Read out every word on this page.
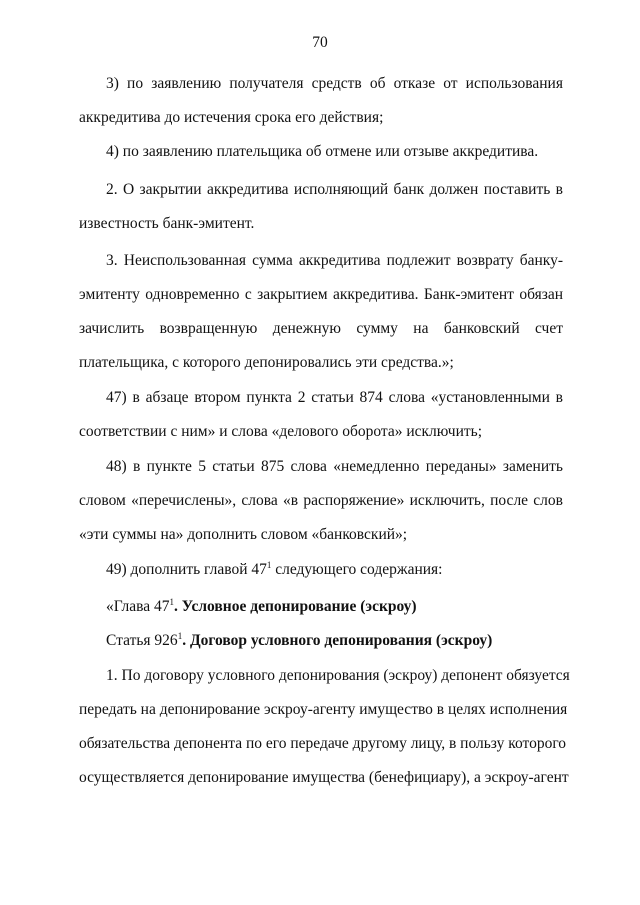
70
3) по заявлению получателя средств об отказе от использования
аккредитива до истечения срока его действия;
4) по заявлению плательщика об отмене или отзыве аккредитива.
2. О закрытии аккредитива исполняющий банк должен поставить в
известность банк-эмитент.
3. Неиспользованная сумма аккредитива подлежит возврату банку-
эмитенту одновременно с закрытием аккредитива. Банк-эмитент обязан
зачислить возвращенную денежную сумму на банковский счет
плательщика, с которого депонировались эти средства.»;
47) в абзаце втором пункта 2 статьи 874 слова «установленными в
соответствии с ним» и слова «делового оборота» исключить;
48) в пункте 5 статьи 875 слова «немедленно переданы» заменить
словом «перечислены», слова «в распоряжение» исключить, после слов
«эти суммы на» дополнить словом «банковский»;
49) дополнить главой $47^1$ следующего содержания:
«Глава $47^1$. Условное депонирование (эскроу)
Статья $926^1$. Договор условного депонирования (эскроу)
1. По договору условного депонирования (эскроу) депонент обязуется
передать на депонирование эскроу-агенту имущество в целях исполнения
обязательства депонента по его передаче другому лицу, в пользу которого
осуществляется депонирование имущества (бенефициару), а эскроу-агент
